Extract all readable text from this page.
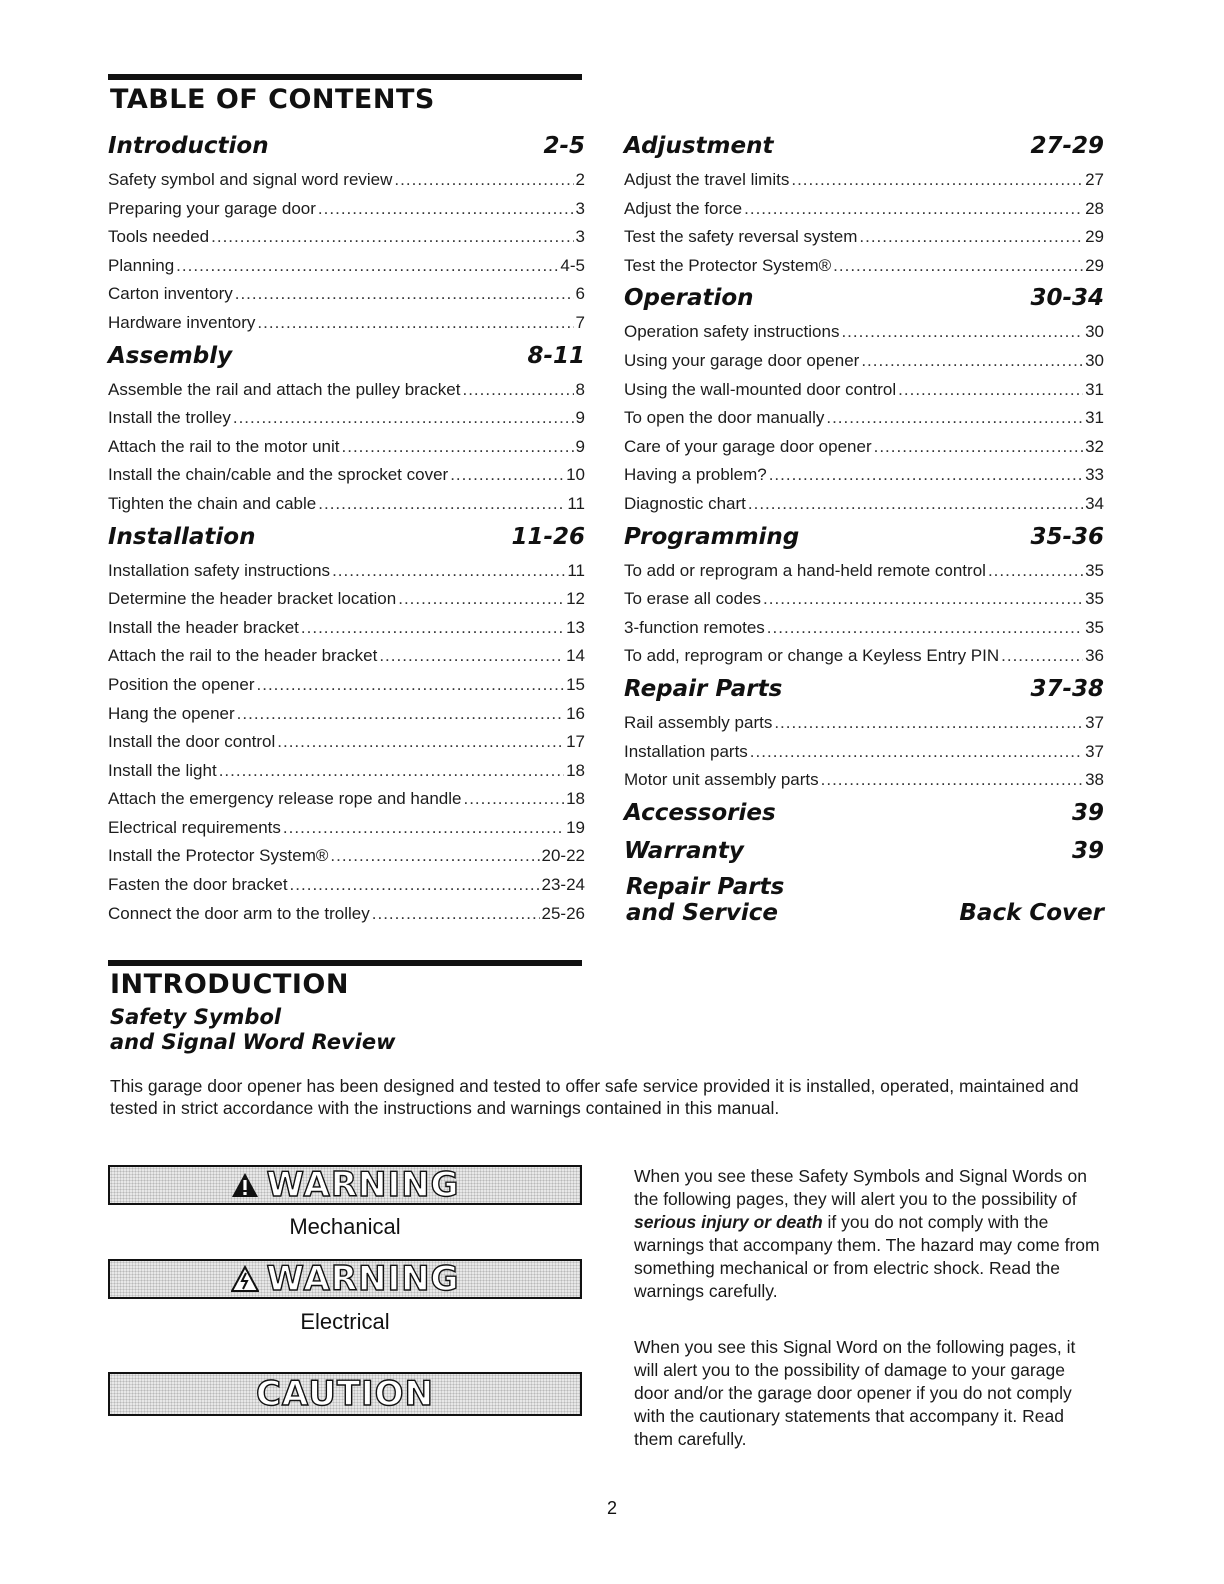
TABLE OF CONTENTS
Introduction	2-5
Safety symbol and signal word review .....	2
Preparing your garage door .....	3
Tools needed .....	3
Planning .....	4-5
Carton inventory .....	6
Hardware inventory .....	7
Assembly	8-11
Assemble the rail and attach the pulley bracket .....	8
Install the trolley .....	9
Attach the rail to the motor unit .....	9
Install the chain/cable and the sprocket cover .....	10
Tighten the chain and cable .....	11
Installation	11-26
Installation safety instructions .....	11
Determine the header bracket location .....	12
Install the header bracket .....	13
Attach the rail to the header bracket .....	14
Position the opener .....	15
Hang the opener .....	16
Install the door control .....	17
Install the light .....	18
Attach the emergency release rope and handle .....	18
Electrical requirements .....	19
Install the Protector System® .....	20-22
Fasten the door bracket .....	23-24
Connect the door arm to the trolley .....	25-26
Adjustment	27-29
Adjust the travel limits .....	27
Adjust the force .....	28
Test the safety reversal system .....	29
Test the Protector System® .....	29
Operation	30-34
Operation safety instructions .....	30
Using your garage door opener .....	30
Using the wall-mounted door control .....	31
To open the door manually .....	31
Care of your garage door opener .....	32
Having a problem? .....	33
Diagnostic chart .....	34
Programming	35-36
To add or reprogram a hand-held remote control .....	35
To erase all codes .....	35
3-function remotes .....	35
To add, reprogram or change a Keyless Entry PIN .....	36
Repair Parts	37-38
Rail assembly parts .....	37
Installation parts .....	37
Motor unit assembly parts .....	38
Accessories	39
Warranty	39
Repair Parts
and Service	Back Cover
INTRODUCTION
Safety Symbol
and Signal Word Review
This garage door opener has been designed and tested to offer safe service provided it is installed, operated, maintained and tested in strict accordance with the instructions and warnings contained in this manual.
WARNING
Mechanical
WARNING
Electrical
CAUTION
When you see these Safety Symbols and Signal Words on the following pages, they will alert you to the possibility of serious injury or death if you do not comply with the warnings that accompany them. The hazard may come from something mechanical or from electric shock. Read the warnings carefully.
When you see this Signal Word on the following pages, it will alert you to the possibility of damage to your garage door and/or the garage door opener if you do not comply with the cautionary statements that accompany it. Read them carefully.
2
